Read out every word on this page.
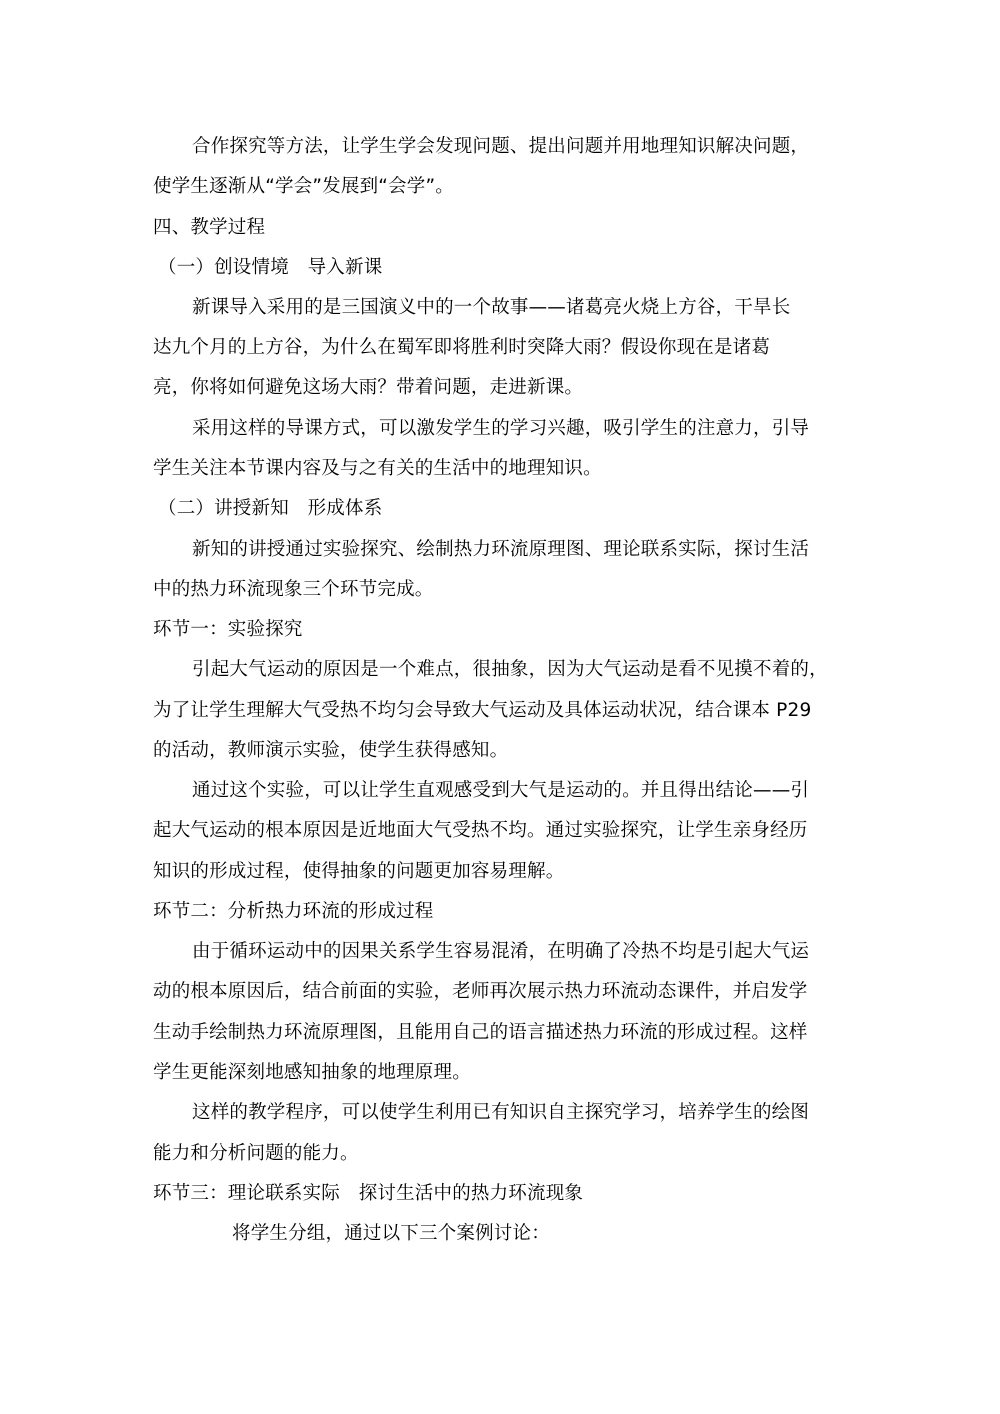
合作探究等方法，让学生学会发现问题、提出问题并用地理知识解决问题，
使学生逐渐从“学会”发展到“会学”。
四、教学过程
（一）创设情境　导入新课
新课导入采用的是三国演义中的一个故事——诸葛亮火烧上方谷，干旱长
达九个月的上方谷，为什么在蜀军即将胜利时突降大雨？假设你现在是诸葛
亮，你将如何避免这场大雨？带着问题，走进新课。
采用这样的导课方式，可以激发学生的学习兴趣，吸引学生的注意力，引导
学生关注本节课内容及与之有关的生活中的地理知识。
（二）讲授新知　形成体系
新知的讲授通过实验探究、绘制热力环流原理图、理论联系实际，探讨生活
中的热力环流现象三个环节完成。
环节一：实验探究
引起大气运动的原因是一个难点，很抽象，因为大气运动是看不见摸不着的，
为了让学生理解大气受热不均匀会导致大气运动及具体运动状况，结合课本 P29
的活动，教师演示实验，使学生获得感知。
通过这个实验，可以让学生直观感受到大气是运动的。并且得出结论——引
起大气运动的根本原因是近地面大气受热不均。通过实验探究，让学生亲身经历
知识的形成过程，使得抽象的问题更加容易理解。
环节二：分析热力环流的形成过程
由于循环运动中的因果关系学生容易混淆，在明确了冷热不均是引起大气运
动的根本原因后，结合前面的实验，老师再次展示热力环流动态课件，并启发学
生动手绘制热力环流原理图，且能用自己的语言描述热力环流的形成过程。这样
学生更能深刻地感知抽象的地理原理。
这样的教学程序，可以使学生利用已有知识自主探究学习，培养学生的绘图
能力和分析问题的能力。
环节三：理论联系实际　探讨生活中的热力环流现象
将学生分组，通过以下三个案例讨论：
